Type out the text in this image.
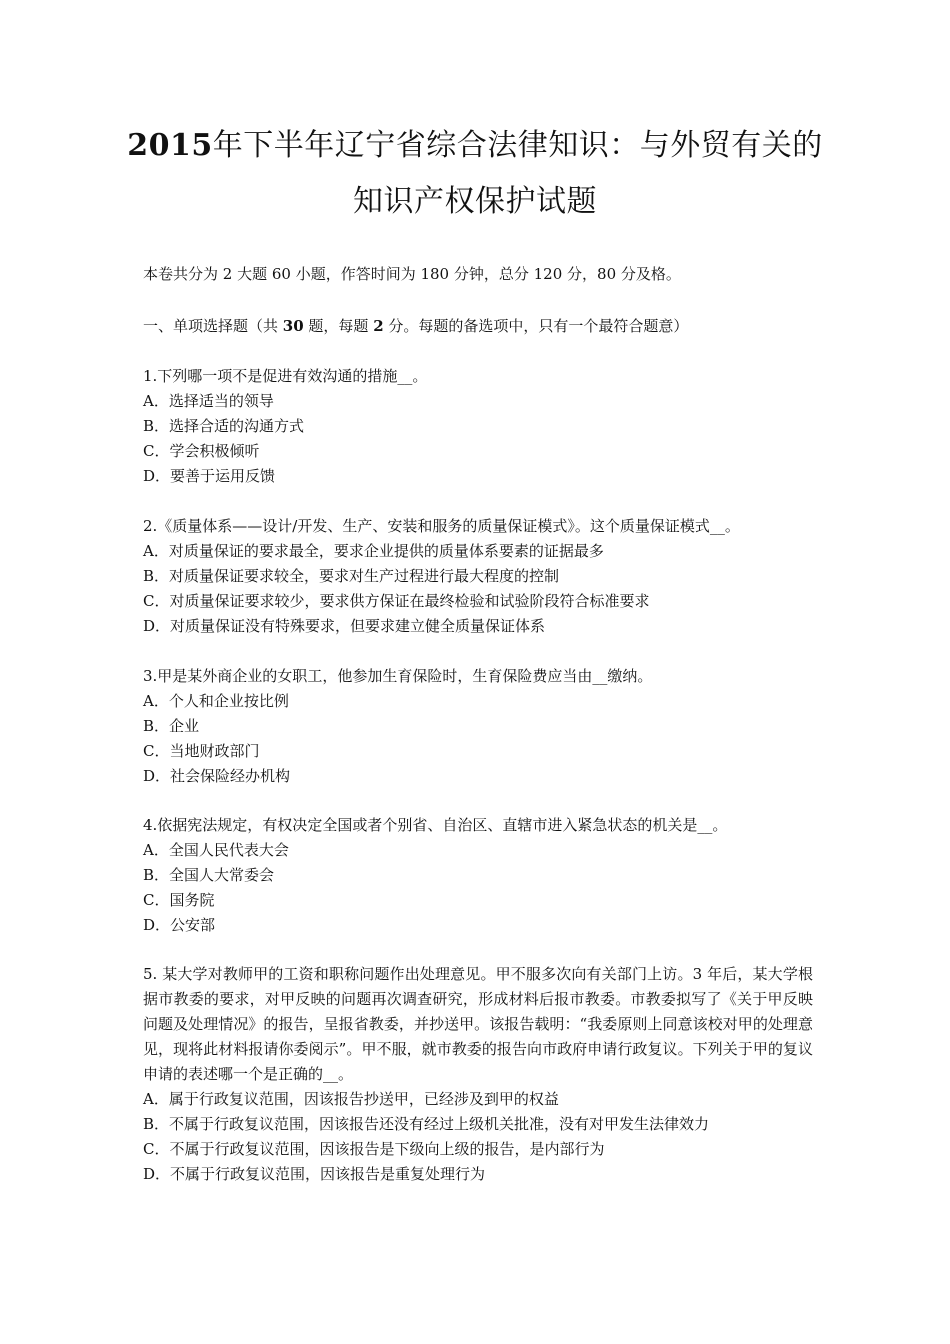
2015年下半年辽宁省综合法律知识：与外贸有关的
知识产权保护试题
本卷共分为 2 大题 60 小题，作答时间为 180 分钟，总分 120 分，80 分及格。
一、单项选择题（共 30 题，每题 2 分。每题的备选项中，只有一个最符合题意）

1.下列哪一项不是促进有效沟通的措施__。

A．选择适当的领导

B．选择合适的沟通方式

C．学会积极倾听

D．要善于运用反馈

2.《质量体系——设计/开发、生产、安装和服务的质量保证模式》。这个质量保证模式__。

A．对质量保证的要求最全，要求企业提供的质量体系要素的证据最多

B．对质量保证要求较全，要求对生产过程进行最大程度的控制

C．对质量保证要求较少，要求供方保证在最终检验和试验阶段符合标准要求

D．对质量保证没有特殊要求，但要求建立健全质量保证体系

3.甲是某外商企业的女职工，他参加生育保险时，生育保险费应当由__缴纳。

A．个人和企业按比例

B．企业

C．当地财政部门

D．社会保险经办机构

4.依据宪法规定，有权决定全国或者个别省、自治区、直辖市进入紧急状态的机关是__。

A．全国人民代表大会

B．全国人大常委会

C．国务院

D．公安部

5. 某大学对教师甲的工资和职称问题作出处理意见。甲不服多次向有关部门上访。3 年后，某大学根据市教委的要求，对甲反映的问题再次调查研究，形成材料后报市教委。市教委拟写了《关于甲反映问题及处理情况》的报告，呈报省教委，并抄送甲。该报告载明：“我委原则上同意该校对甲的处理意见，现将此材料报请你委阅示”。甲不服，就市教委的报告向市政府申请行政复议。下列关于甲的复议申请的表述哪一个是正确的__。

A．属于行政复议范围，因该报告抄送甲，已经涉及到甲的权益

B．不属于行政复议范围，因该报告还没有经过上级机关批准，没有对甲发生法律效力

C．不属于行政复议范围，因该报告是下级向上级的报告，是内部行为

D．不属于行政复议范围，因该报告是重复处理行为
